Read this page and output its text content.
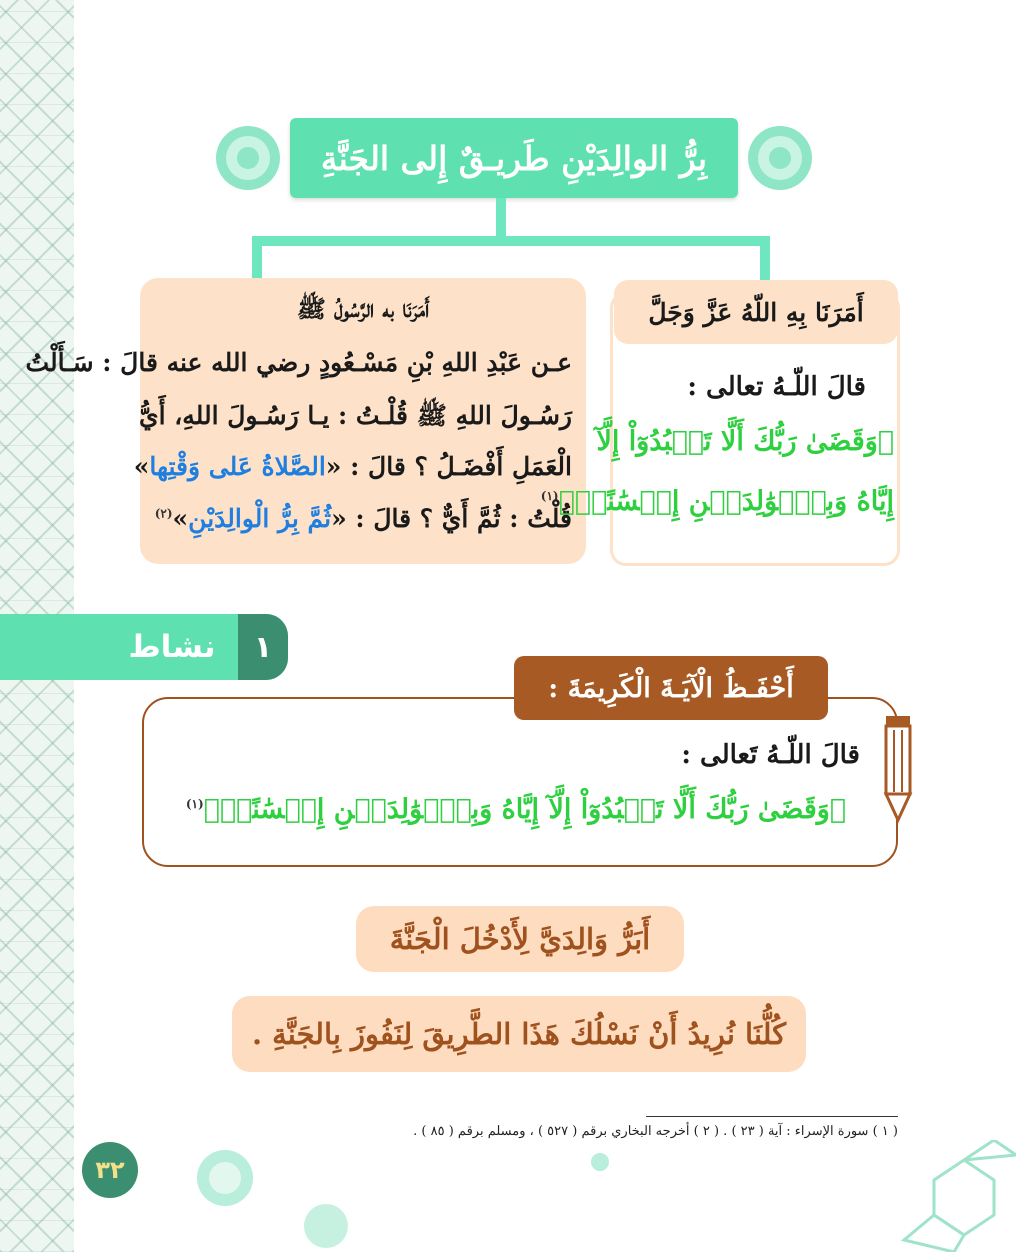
بِرُّ الوالِدَيْنِ طَريـقٌ إِلى الجَنَّةِ
أَمَرَنَا به الرَّسُولُ ﷺ
عـن عَبْدِ اللهِ بْنِ مَسْـعُودٍ رضي الله عنه قالَ : سَـأَلْتُ
رَسُـولَ اللهِ ﷺ قُلْـتُ : يـا رَسُـولَ اللهِ، أَيُّ
الْعَمَلِ أَفْضَـلُ ؟ قالَ : «الصَّلاةُ عَلى وَقْتِها»
قُلْتُ : ثُمَّ أَيٌّ ؟ قالَ : «ثُمَّ بِرُّ الْوالِدَيْنِ»$^{(٢)}$
أَمَرَنَا بِهِ اللّهُ عَزَّ وَجَلَّ
قالَ اللّـهُ تعالى :
﴿وَقَضَىٰ رَبُّكَ أَلَّا تَعۡبُدُوٓاْ إِلَّآ
إِيَّاهُ وَبِٱلۡوَٰلِدَيۡنِ إِحۡسَٰنًاۚ﴾$^{(١)}$
١
نشاط
أَحْفَـظُ الْآيَـةَ الْكَرِيمَةَ :
قالَ اللّـهُ تَعالى :
﴿وَقَضَىٰ رَبُّكَ أَلَّا تَعۡبُدُوٓاْ إِلَّآ إِيَّاهُ وَبِٱلۡوَٰلِدَيۡنِ إِحۡسَٰنًاۚ﴾$^{(١)}$
أَبَرُّ وَالِدَيَّ لِأَدْخُلَ الْجَنَّةَ
كُلُّنَا نُرِيدُ أَنْ نَسْلُكَ هَذَا الطَّرِيقَ لِنَفُوزَ بِالجَنَّةِ .
( ١ ) سورة الإسراء : آية ( ٢٣ ) . ( ٢ ) أخرجه البخاري برقم ( ٥٢٧ ) ، ومسلم برقم ( ٨٥ ) .
٣٢
